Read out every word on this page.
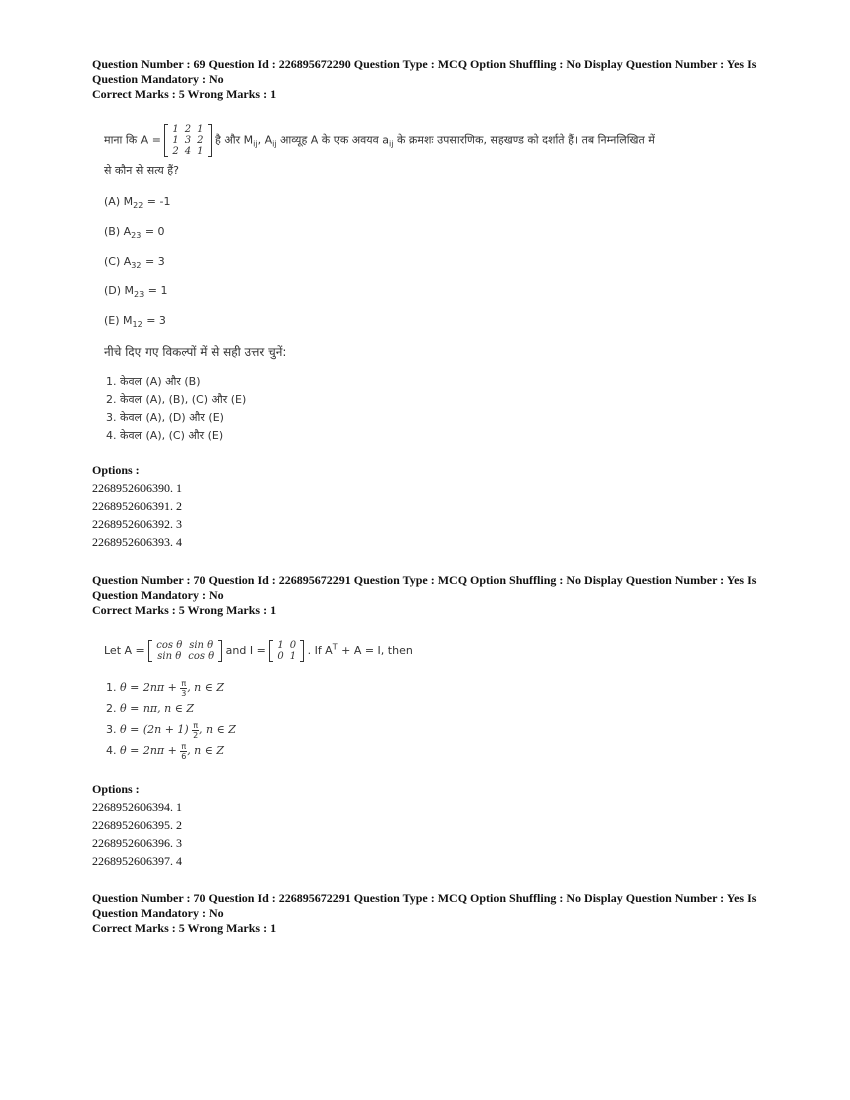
Question Number : 69 Question Id : 226895672290 Question Type : MCQ Option Shuffling : No Display Question Number : Yes Is
Question Mandatory : No
Correct Marks : 5 Wrong Marks : 1
माना कि A =
1	2	1
1	3	2
2	4	1
है और $M_{ij}$, $A_{ij}$ आव्यूह A के एक अवयव $a_{ij}$ के क्रमशः उपसारणिक, सहखण्ड को दर्शाते हैं। तब निम्नलिखित में
से कौन से सत्य हैं?
(A) $M_{22} = -1$
(B) $A_{23} = 0$
(C) $A_{32} = 3$
(D) $M_{23} = 1$
(E) $M_{12} = 3$
नीचे दिए गए विकल्पों में से सही उत्तर चुनें:
1. केवल (A) और (B)
2. केवल (A), (B), (C) और (E)
3. केवल (A), (D) और (E)
4. केवल (A), (C) और (E)
Options :
2268952606390. 1
2268952606391. 2
2268952606392. 3
2268952606393. 4
Question Number : 70 Question Id : 226895672291 Question Type : MCQ Option Shuffling : No Display Question Number : Yes Is
Question Mandatory : No
Correct Marks : 5 Wrong Marks : 1
Let A = cos θ	sin θ
sin θ	cos θ and I = 1	0
0	1 . If $A^T + A = I$, then
1. $\theta = 2n\pi + \frac{\pi}{3}$ , n ∈ Z
2. θ = nπ, n ∈ Z
3. $\theta = (2n + 1) \frac{\pi}{2}$ , n ∈ Z
4. $\theta = 2n\pi + \frac{\pi}{6}$ , n ∈ Z
Options :
2268952606394. 1
2268952606395. 2
2268952606396. 3
2268952606397. 4
Question Number : 70 Question Id : 226895672291 Question Type : MCQ Option Shuffling : No Display Question Number : Yes Is
Question Mandatory : No
Correct Marks : 5 Wrong Marks : 1
